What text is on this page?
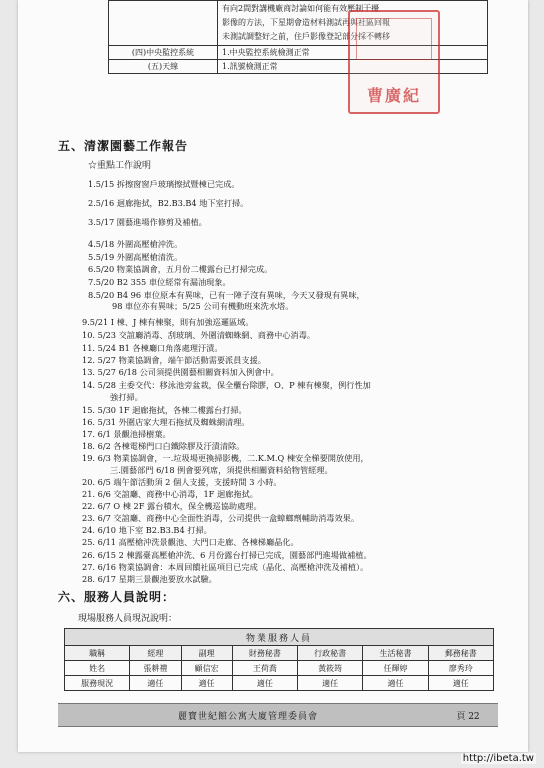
	有向2間對講機廠商討論如何能有效壓制干擾
影像的方法，下星期會造材料測試再與社區回報
未測試調整好之前，住戶影像登記部分採不轉移

(四)中央監控系統	1.中央監控系統檢測正常
(五)天線	1.訊號檢測正常
曹廣紀
五、清潔園藝工作報告
☆重點工作說明
1.5/15 拆擦窗窗戶玻璃擦拭暨棟已完成。
2.5/16 迴廊拖拭，B2.B3.B4 地下室打掃。
3.5/17 園藝進場作修剪及補植。
4.5/18 外圍高壓槍沖洗。
5.5/19 外圍高壓槍清洗。
6.5/20 物業協調會，五月份二樓露台已打掃完成。
7.5/20 B2 355 車位經常有漏油現象。
8.5/20 B4 96 車位原本有異味，已有一陣子沒有異味，今天又發現有異味，
98 車位亦有異味；5/25 公司有機動班來洗水塔。
9.5/21 I 棟、J 棟有棟聚，則有加強巡邏區域。
10. 5/23 交誼廳消毒、刮玻璃、外圍清蜘蛛網、商務中心消毒。
11. 5/24 B1 各棟廳口角落處理汙漬。
12. 5/27 物業協調會，端午節活動需要派員支援。
13. 5/27 6/18 公司須提供園藝相關資料加入例會中。
14. 5/28 主委交代：移泳池旁盆栽，保全櫃台除膠，O、P 棟有棟聚，例行性加
強打掃。
15. 5/30 1F 迴廊拖拭，各棟二樓露台打掃。
16. 5/31 外圍店家大理石拖拭及蜘蛛網清理。
17. 6/1 景觀池掃樹葉。
18. 6/2 各棟電梯門口白鐵除膠及汙漬清除。
19. 6/3 物業協調會，一.垃圾場更換掃影機，二.K.M.Q 棟安全梯要開放使用，
三.園藝部門 6/18 例會要列席，須提供相關資料給物管經理。
20. 6/5 端午節活動須 2 個人支援，支援時間 3 小時。
21. 6/6 交誼廳、商務中心消毒，1F 迴廊拖拭。
22. 6/7 O 棟 2F 露台積水，保全機巡協助處理。
23. 6/7 交誼廳、商務中心全面性消毒，公司提供一盒蟑螂劑輔助消毒效果。
24. 6/10 地下室 B2.B3.B4 打掃。
25. 6/11 高壓槍沖洗景觀池、大門口走廊、各棟梯廳晶化。
26. 6/15 2 棟露臺高壓槍沖洗、6 月份露台打掃已完成，園藝部門進場做補植。
27. 6/16 物業協調會：本周回饋社區項目已完成（晶化、高壓槍沖洗及補植）。
28. 6/17 星期三景觀池要放水試驗。
六、服務人員說明：
現場服務人員現況說明：
物業服務人員						
職稱	經理	副理	財務秘書	行政秘書	生活秘書	郵務秘書
姓名	張耕禮	顧信宏	王荷喬	黃筱筠	任輝婷	廖秀玲
服務現況	適任	適任	適任	適任	適任	適任
麗寶世紀館公寓大廈管理委員會	頁 22
http://ibeta.tw
